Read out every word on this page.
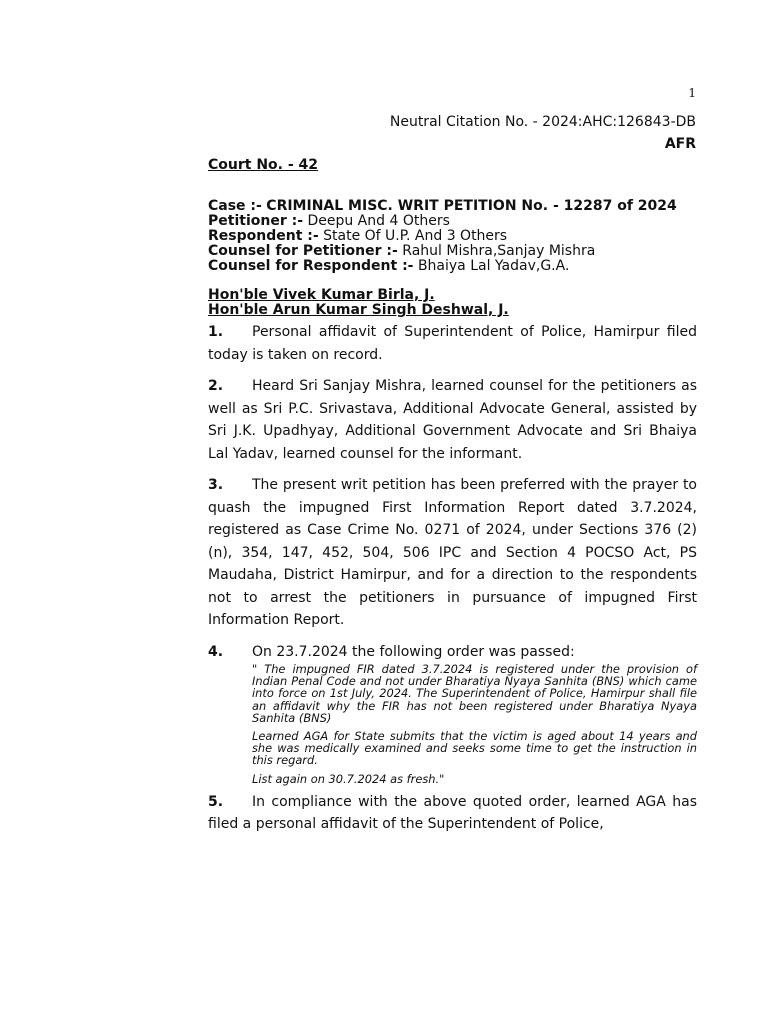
1
Neutral Citation No. - 2024:AHC:126843-DB
AFR

Court No. - 42

Case :- CRIMINAL MISC. WRIT PETITION No. - 12287 of 2024
Petitioner :- Deepu And 4 Others
Respondent :- State Of U.P. And 3 Others
Counsel for Petitioner :- Rahul Mishra,Sanjay Mishra
Counsel for Respondent :- Bhaiya Lal Yadav,G.A.
Hon'ble Vivek Kumar Birla, J.
Hon'ble Arun Kumar Singh Deshwal, J.

1. Personal affidavit of Superintendent of Police, Hamirpur filed today is taken on record.

2. Heard Sri Sanjay Mishra, learned counsel for the petitioners as well as Sri P.C. Srivastava, Additional Advocate General, assisted by Sri J.K. Upadhyay, Additional Government Advocate and Sri Bhaiya Lal Yadav, learned counsel for the informant.

3. The present writ petition has been preferred with the prayer to quash the impugned First Information Report dated 3.7.2024, registered as Case Crime No. 0271 of 2024, under Sections 376 (2)(n), 354, 147, 452, 504, 506 IPC and Section 4 POCSO Act, PS Maudaha, District Hamirpur, and for a direction to the respondents not to arrest the petitioners in pursuance of impugned First Information Report.

4. On 23.7.2024 the following order was passed:

" The impugned FIR dated 3.7.2024 is registered under the provision of Indian Penal Code and not under Bharatiya Nyaya Sanhita (BNS) which came into force on 1st July, 2024. The Superintendent of Police, Hamirpur shall file an affidavit why the FIR has not been registered under Bharatiya Nyaya Sanhita (BNS)

Learned AGA for State submits that the victim is aged about 14 years and she was medically examined and seeks some time to get the instruction in this regard.

List again on 30.7.2024 as fresh."

5. In compliance with the above quoted order, learned AGA has filed a personal affidavit of the Superintendent of Police,
